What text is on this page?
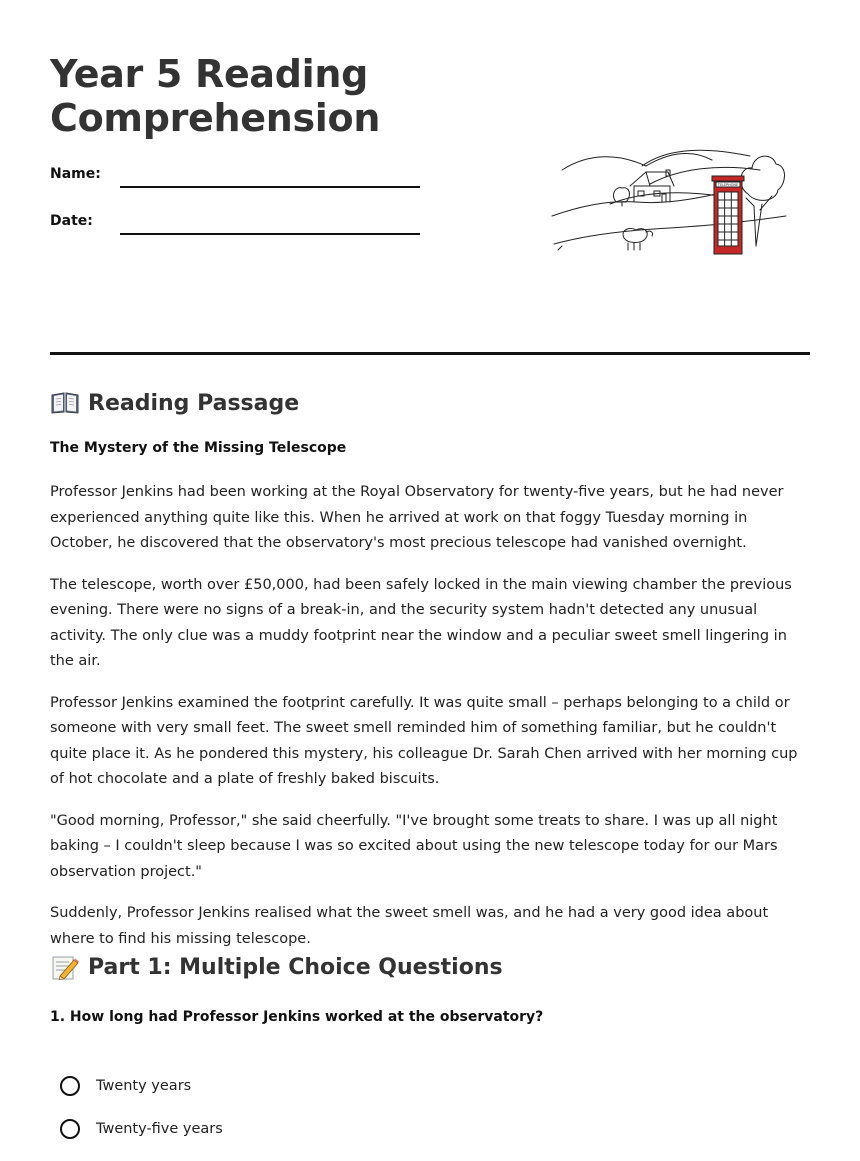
Year 5 Reading
Comprehension
Name:
Date:
TELEPHONE
Reading Passage
The Mystery of the Missing Telescope

Professor Jenkins had been working at the Royal Observatory for twenty-five years, but he had never experienced anything quite like this. When he arrived at work on that foggy Tuesday morning in October, he discovered that the observatory's most precious telescope had vanished overnight.

The telescope, worth over £50,000, had been safely locked in the main viewing chamber the previous evening. There were no signs of a break-in, and the security system hadn't detected any unusual activity. The only clue was a muddy footprint near the window and a peculiar sweet smell lingering in the air.

Professor Jenkins examined the footprint carefully. It was quite small – perhaps belonging to a child or someone with very small feet. The sweet smell reminded him of something familiar, but he couldn't quite place it. As he pondered this mystery, his colleague Dr. Sarah Chen arrived with her morning cup of hot chocolate and a plate of freshly baked biscuits.

"Good morning, Professor," she said cheerfully. "I've brought some treats to share. I was up all night baking – I couldn't sleep because I was so excited about using the new telescope today for our Mars observation project."

Suddenly, Professor Jenkins realised what the sweet smell was, and he had a very good idea about where to find his missing telescope.

Part 1: Multiple Choice Questions
1. How long had Professor Jenkins worked at the observatory?
Twenty years
Twenty-five years
